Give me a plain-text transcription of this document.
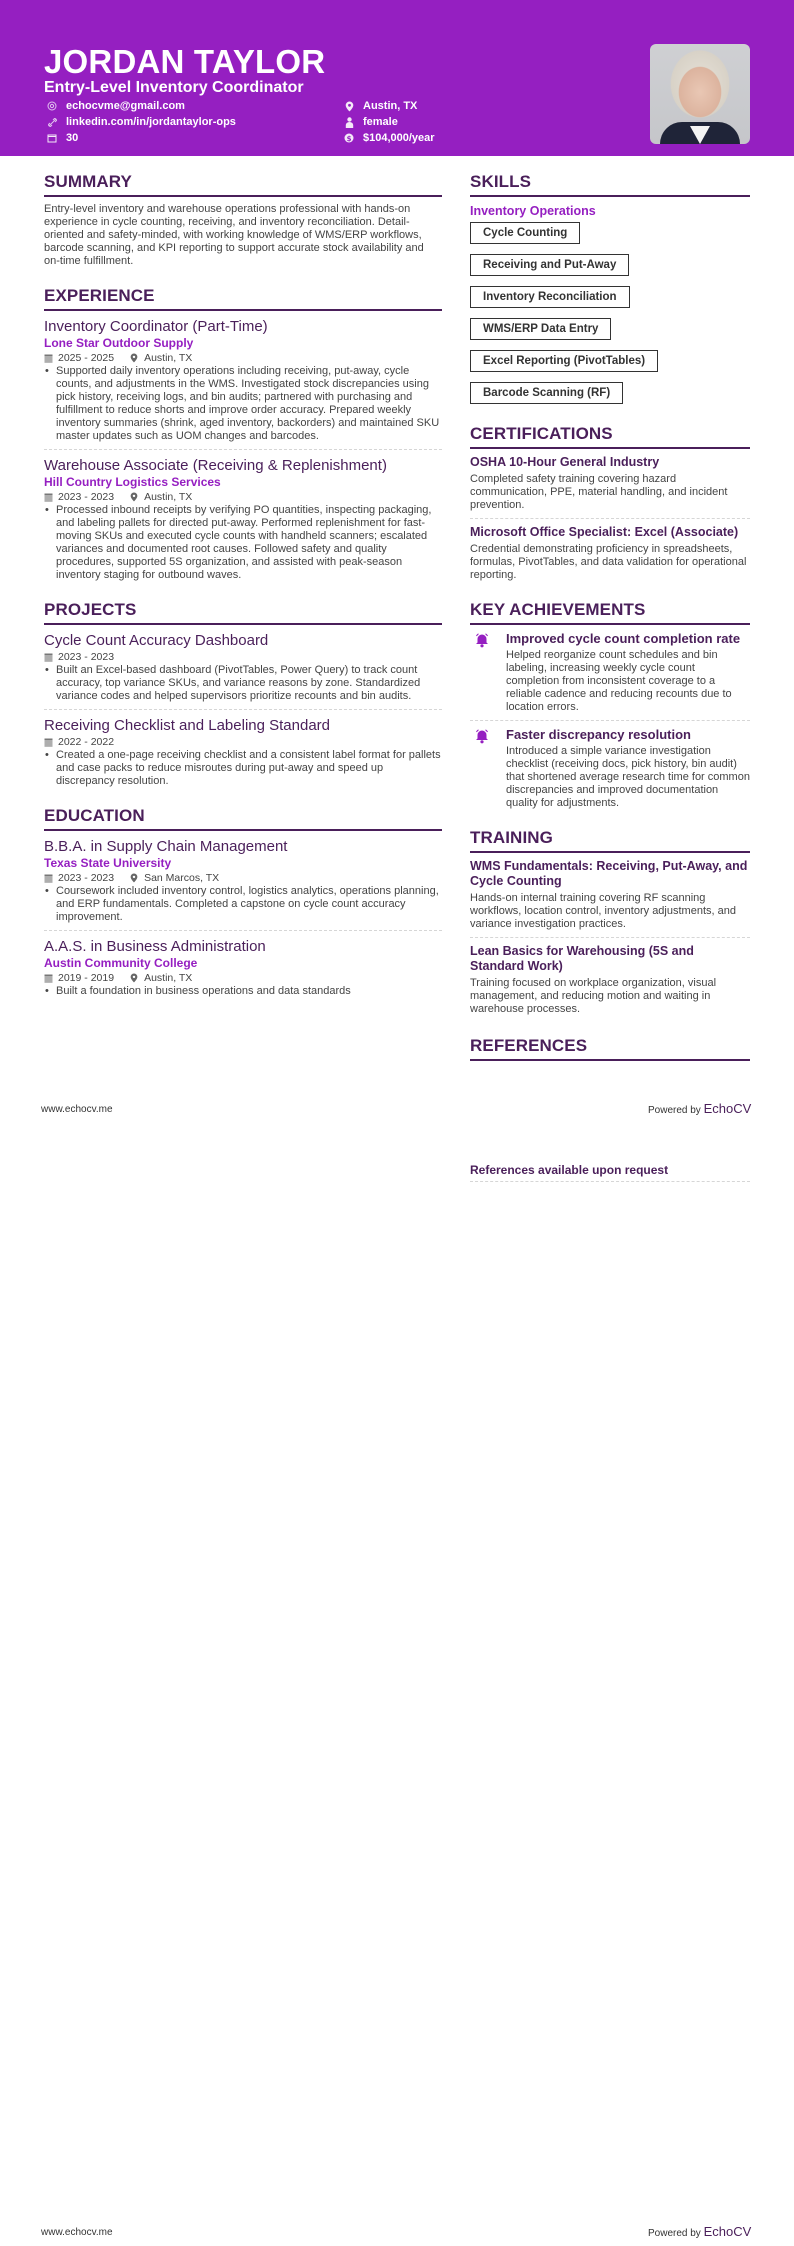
JORDAN TAYLOR
Entry-Level Inventory Coordinator
echocvme@gmail.com
linkedin.com/in/jordantaylor-ops
30
Austin, TX
female
$ $104,000/year
SUMMARY
Entry-level inventory and warehouse operations professional with hands-on experience in cycle counting, receiving, and inventory reconciliation. Detail-oriented and safety-minded, with working knowledge of WMS/ERP workflows, barcode scanning, and KPI reporting to support accurate stock availability and on-time fulfillment.
EXPERIENCE
Inventory Coordinator (Part-Time)
Lone Star Outdoor Supply
2025 - 2025	Austin, TX
• Supported daily inventory operations including receiving, put-away, cycle counts, and adjustments in the WMS. Investigated stock discrepancies using pick history, receiving logs, and bin audits; partnered with purchasing and fulfillment to reduce shorts and improve order accuracy. Prepared weekly inventory summaries (shrink, aged inventory, backorders) and maintained SKU master updates such as UOM changes and barcodes.
Warehouse Associate (Receiving & Replenishment)
Hill Country Logistics Services
2023 - 2023	Austin, TX
• Processed inbound receipts by verifying PO quantities, inspecting packaging, and labeling pallets for directed put-away. Performed replenishment for fast-moving SKUs and executed cycle counts with handheld scanners; escalated variances and documented root causes. Followed safety and quality procedures, supported 5S organization, and assisted with peak-season inventory staging for outbound waves.
PROJECTS
Cycle Count Accuracy Dashboard
2023 - 2023
• Built an Excel-based dashboard (PivotTables, Power Query) to track count accuracy, top variance SKUs, and variance reasons by zone. Standardized variance codes and helped supervisors prioritize recounts and bin audits.
Receiving Checklist and Labeling Standard
2022 - 2022
• Created a one-page receiving checklist and a consistent label format for pallets and case packs to reduce misroutes during put-away and speed up discrepancy resolution.
EDUCATION
B.B.A. in Supply Chain Management
Texas State University
2023 - 2023	San Marcos, TX
• Coursework included inventory control, logistics analytics, operations planning, and ERP fundamentals. Completed a capstone on cycle count accuracy improvement.
A.A.S. in Business Administration
Austin Community College
2019 - 2019	Austin, TX
• Built a foundation in business operations and data standards
SKILLS
Inventory Operations
Cycle Counting
Receiving and Put-Away
Inventory Reconciliation
WMS/ERP Data Entry
Excel Reporting (PivotTables)
Barcode Scanning (RF)
CERTIFICATIONS
OSHA 10-Hour General Industry
Completed safety training covering hazard communication, PPE, material handling, and incident prevention.
Microsoft Office Specialist: Excel (Associate)
Credential demonstrating proficiency in spreadsheets, formulas, PivotTables, and data validation for operational reporting.
KEY ACHIEVEMENTS
Improved cycle count completion rate
Helped reorganize count schedules and bin labeling, increasing weekly cycle count completion from inconsistent coverage to a reliable cadence and reducing recounts due to location errors.
Faster discrepancy resolution
Introduced a simple variance investigation checklist (receiving docs, pick history, bin audit) that shortened average research time for common discrepancies and improved documentation quality for adjustments.
TRAINING
WMS Fundamentals: Receiving, Put-Away, and Cycle Counting
Hands-on internal training covering RF scanning workflows, location control, inventory adjustments, and variance investigation practices.
Lean Basics for Warehousing (5S and Standard Work)
Training focused on workplace organization, visual management, and reducing motion and waiting in warehouse processes.
REFERENCES
www.echocv.me	Powered by EchoCV
References available upon request
www.echocv.me	Powered by EchoCV
